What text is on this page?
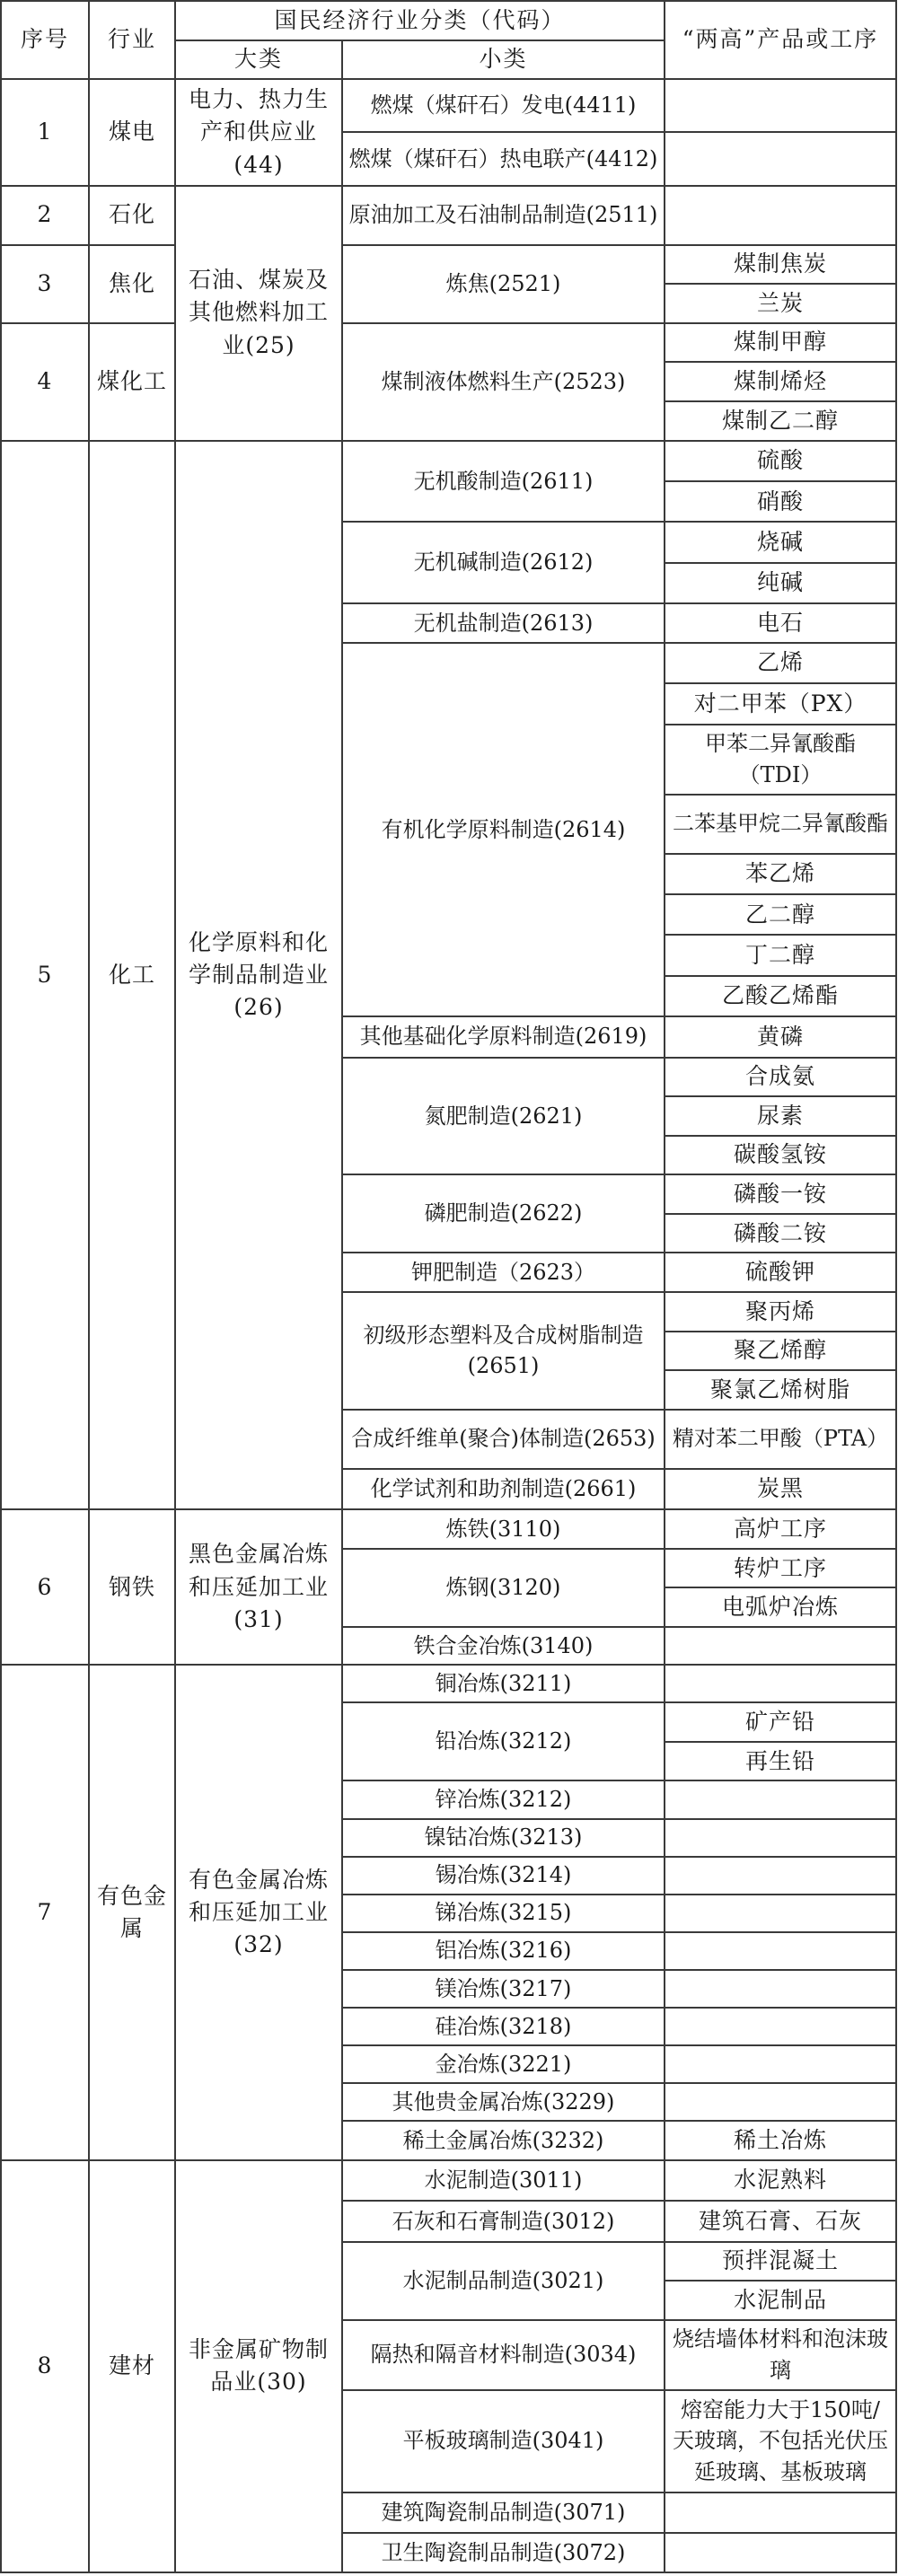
序号	行业	国民经济行业分类（代码）		“两高”产品或工序
		大类	小类	
1	煤电	电力、热力生产和供应业(44)	燃煤（煤矸石）发电(4411)	
			燃煤（煤矸石）热电联产(4412)	
2	石化	石油、煤炭及其他燃料加工业(25)	原油加工及石油制品制造(2511)	
3	焦化		炼焦(2521)	煤制焦炭
				兰炭
4	煤化工		煤制液体燃料生产(2523)	煤制甲醇
				煤制烯烃
				煤制乙二醇
5	化工	化学原料和化学制品制造业(26)	无机酸制造(2611)	硫酸
				硝酸
			无机碱制造(2612)	烧碱
				纯碱
			无机盐制造(2613)	电石
			有机化学原料制造(2614)	乙烯
				对二甲苯（PX）
				甲苯二异氰酸酯（TDI）
				二苯基甲烷二异氰酸酯
				苯乙烯
				乙二醇
				丁二醇
				乙酸乙烯酯
			其他基础化学原料制造(2619)	黄磷
			氮肥制造(2621)	合成氨
				尿素
				碳酸氢铵
			磷肥制造(2622)	磷酸一铵
				磷酸二铵
			钾肥制造（2623）	硫酸钾
			初级形态塑料及合成树脂制造(2651)	聚丙烯
				聚乙烯醇
				聚氯乙烯树脂
			合成纤维单(聚合)体制造(2653)	精对苯二甲酸（PTA）
			化学试剂和助剂制造(2661)	炭黑
6	钢铁	黑色金属冶炼和压延加工业(31)	炼铁(3110)	高炉工序
			炼钢(3120)	转炉工序
				电弧炉冶炼
			铁合金冶炼(3140)	
7	有色金属	有色金属冶炼和压延加工业(32)	铜冶炼(3211)	
			铅冶炼(3212)	矿产铅
				再生铅
			锌冶炼(3212)	
			镍钴冶炼(3213)	
			锡冶炼(3214)	
			锑冶炼(3215)	
			铝冶炼(3216)	
			镁冶炼(3217)	
			硅冶炼(3218)	
			金冶炼(3221)	
			其他贵金属冶炼(3229)	
			稀土金属冶炼(3232)	稀土冶炼
8	建材	非金属矿物制品业(30)	水泥制造(3011)	水泥熟料
			石灰和石膏制造(3012)	建筑石膏、石灰
			水泥制品制造(3021)	预拌混凝土
				水泥制品
			隔热和隔音材料制造(3034)	烧结墙体材料和泡沫玻璃
			平板玻璃制造(3041)	熔窑能力大于150吨/天玻璃，不包括光伏压延玻璃、基板玻璃
			建筑陶瓷制品制造(3071)	
			卫生陶瓷制品制造(3072)	
